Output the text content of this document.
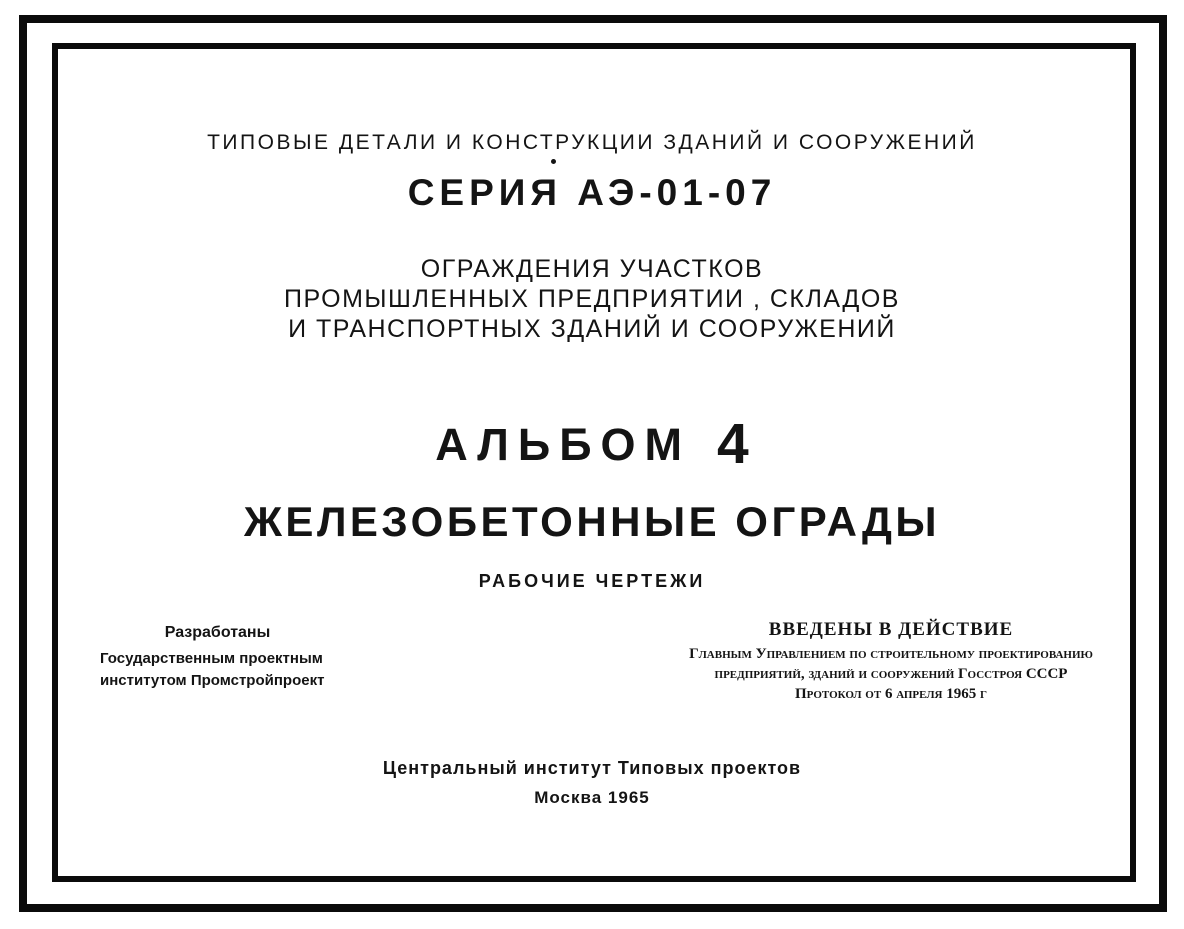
ТИПОВЫЕ ДЕТАЛИ И КОНСТРУКЦИИ ЗДАНИЙ И СООРУЖЕНИЙ
СЕРИЯ АЭ-01-07
ОГРАЖДЕНИЯ УЧАСТКОВ
ПРОМЫШЛЕННЫХ ПРЕДПРИЯТИИ , СКЛАДОВ
И ТРАНСПОРТНЫХ ЗДАНИЙ И СООРУЖЕНИЙ
АЛЬБОМ 4
ЖЕЛЕЗОБЕТОННЫЕ ОГРАДЫ
РАБОЧИЕ ЧЕРТЕЖИ
Разработаны
Государственным проектным
институтом Промстройпроект
ВВЕДЕНЫ В ДЕЙСТВИЕ
Главным Управлением по строительному проектированию
предприятий, зданий и сооружений Госстроя СССР
Протокол от 6 апреля 1965 г
Центральный институт Типовых проектов
Москва 1965
